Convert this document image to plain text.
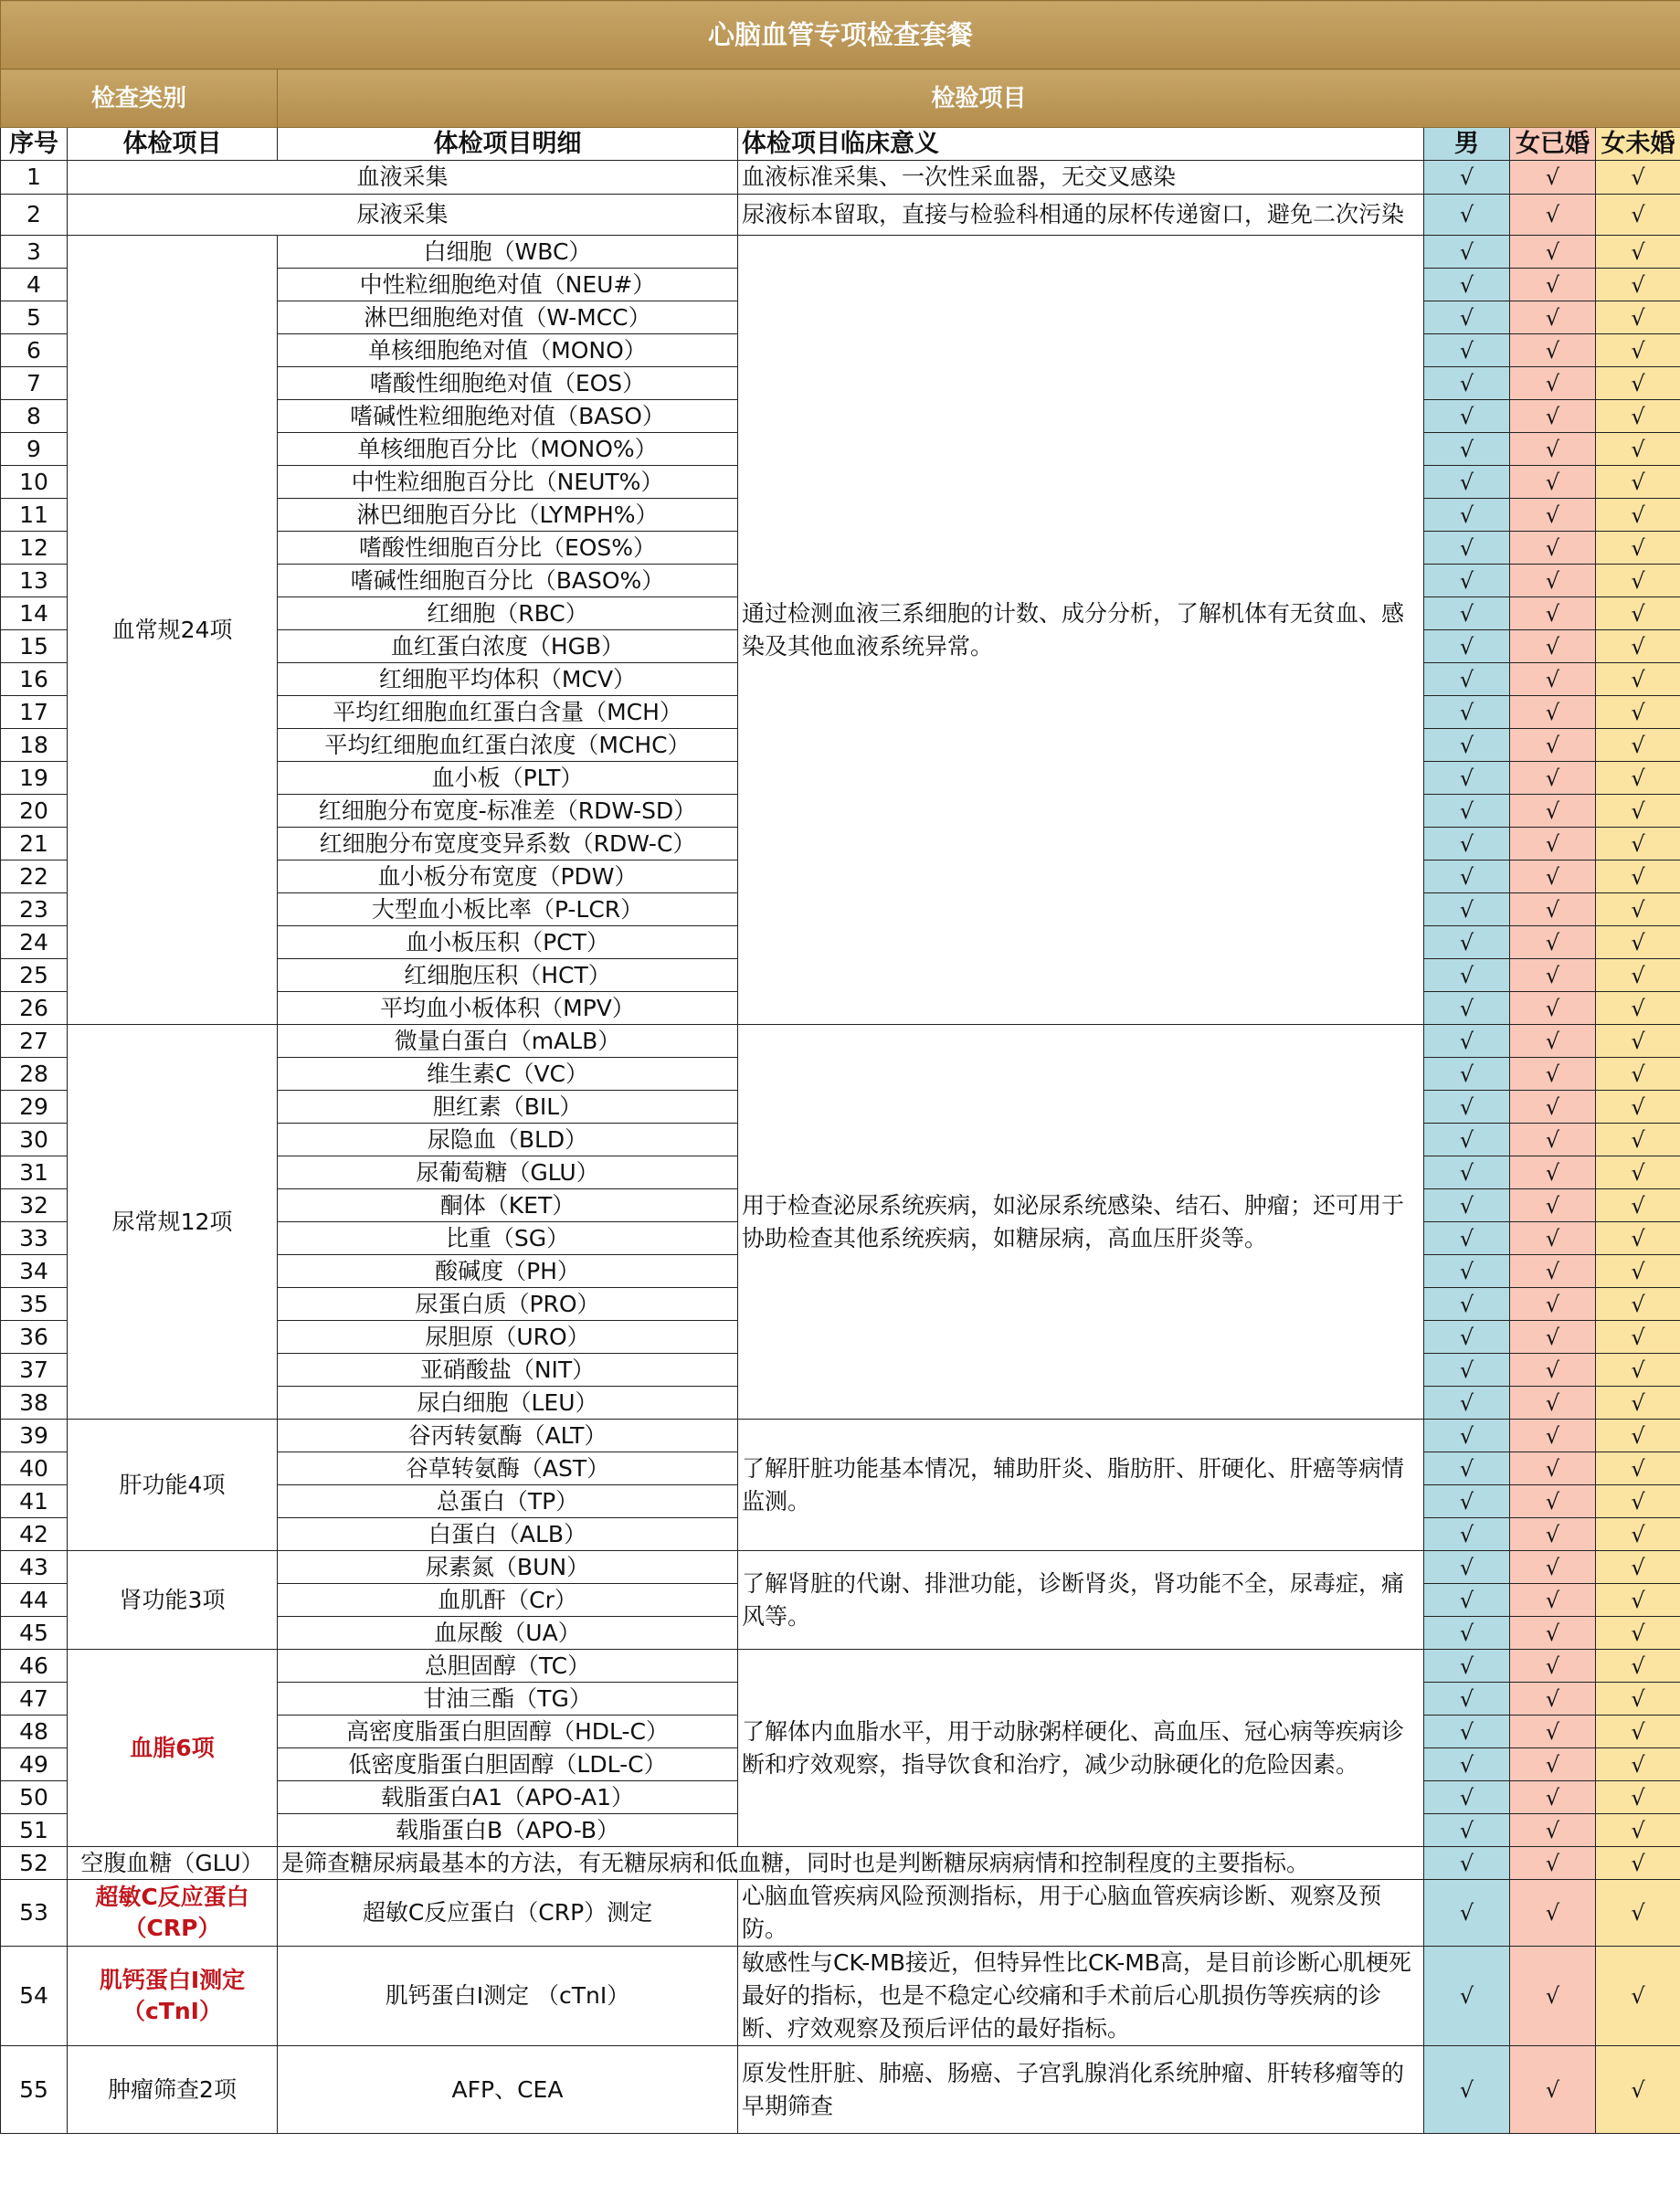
心脑血管专项检查套餐						
检查类别		检验项目				
序号	体检项目	体检项目明细	体检项目临床意义	男	女已婚	女未婚
1	血液采集		血液标准采集、一次性采血器，无交叉感染	√	√	√
2	尿液采集		尿液标本留取，直接与检验科相通的尿杯传递窗口，避免二次污染	√	√	√
3	血常规24项	白细胞（WBC）	通过检测血液三系细胞的计数、成分分析，了解机体有无贫血、感染及其他血液系统异常。	√	√	√
4		中性粒细胞绝对值（NEU#）		√	√	√
5		淋巴细胞绝对值（W-MCC）		√	√	√
6		单核细胞绝对值（MONO）		√	√	√
7		嗜酸性细胞绝对值（EOS）		√	√	√
8		嗜碱性粒细胞绝对值（BASO）		√	√	√
9		单核细胞百分比（MONO%）		√	√	√
10		中性粒细胞百分比（NEUT%）		√	√	√
11		淋巴细胞百分比（LYMPH%）		√	√	√
12		嗜酸性细胞百分比（EOS%）		√	√	√
13		嗜碱性细胞百分比（BASO%）		√	√	√
14		红细胞（RBC）		√	√	√
15		血红蛋白浓度（HGB）		√	√	√
16		红细胞平均体积（MCV）		√	√	√
17		平均红细胞血红蛋白含量（MCH）		√	√	√
18		平均红细胞血红蛋白浓度（MCHC）		√	√	√
19		血小板（PLT）		√	√	√
20		红细胞分布宽度-标准差（RDW-SD）		√	√	√
21		红细胞分布宽度变异系数（RDW-C）		√	√	√
22		血小板分布宽度（PDW）		√	√	√
23		大型血小板比率（P-LCR）		√	√	√
24		血小板压积（PCT）		√	√	√
25		红细胞压积（HCT）		√	√	√
26		平均血小板体积（MPV）		√	√	√
27	尿常规12项	微量白蛋白（mALB）	用于检查泌尿系统疾病，如泌尿系统感染、结石、肿瘤；还可用于协助检查其他系统疾病，如糖尿病，高血压肝炎等。	√	√	√
28		维生素C（VC）		√	√	√
29		胆红素（BIL）		√	√	√
30		尿隐血（BLD）		√	√	√
31		尿葡萄糖（GLU）		√	√	√
32		酮体（KET）		√	√	√
33		比重（SG）		√	√	√
34		酸碱度（PH）		√	√	√
35		尿蛋白质（PRO）		√	√	√
36		尿胆原（URO）		√	√	√
37		亚硝酸盐（NIT）		√	√	√
38		尿白细胞（LEU）		√	√	√
39	肝功能4项	谷丙转氨酶（ALT）	了解肝脏功能基本情况，辅助肝炎、脂肪肝、肝硬化、肝癌等病情监测。	√	√	√
40		谷草转氨酶（AST）		√	√	√
41		总蛋白（TP）		√	√	√
42		白蛋白（ALB）		√	√	√
43	肾功能3项	尿素氮（BUN）	了解肾脏的代谢、排泄功能，诊断肾炎，肾功能不全，尿毒症，痛风等。	√	√	√
44		血肌酐（Cr）		√	√	√
45		血尿酸（UA）		√	√	√
46	血脂6项	总胆固醇（TC）	了解体内血脂水平，用于动脉粥样硬化、高血压、冠心病等疾病诊断和疗效观察，指导饮食和治疗，减少动脉硬化的危险因素。	√	√	√
47		甘油三酯（TG）		√	√	√
48		高密度脂蛋白胆固醇（HDL-C）		√	√	√
49		低密度脂蛋白胆固醇（LDL-C）		√	√	√
50		载脂蛋白A1（APO-A1）		√	√	√
51		载脂蛋白B（APO-B）		√	√	√
52	空腹血糖（GLU）	是筛查糖尿病最基本的方法，有无糖尿病和低血糖，同时也是判断糖尿病病情和控制程度的主要指标。		√	√	√
53	超敏C反应蛋白（CRP）	超敏C反应蛋白（CRP）测定	心脑血管疾病风险预测指标，用于心脑血管疾病诊断、观察及预防。	√	√	√
54	肌钙蛋白I测定（cTnI）	肌钙蛋白I测定 （cTnI）	敏感性与CK-MB接近，但特异性比CK-MB高，是目前诊断心肌梗死最好的指标，也是不稳定心绞痛和手术前后心肌损伤等疾病的诊断、疗效观察及预后评估的最好指标。	√	√	√
55	肿瘤筛查2项	AFP、CEA	原发性肝脏、肺癌、肠癌、子宫乳腺消化系统肿瘤、肝转移瘤等的早期筛查	√	√	√
